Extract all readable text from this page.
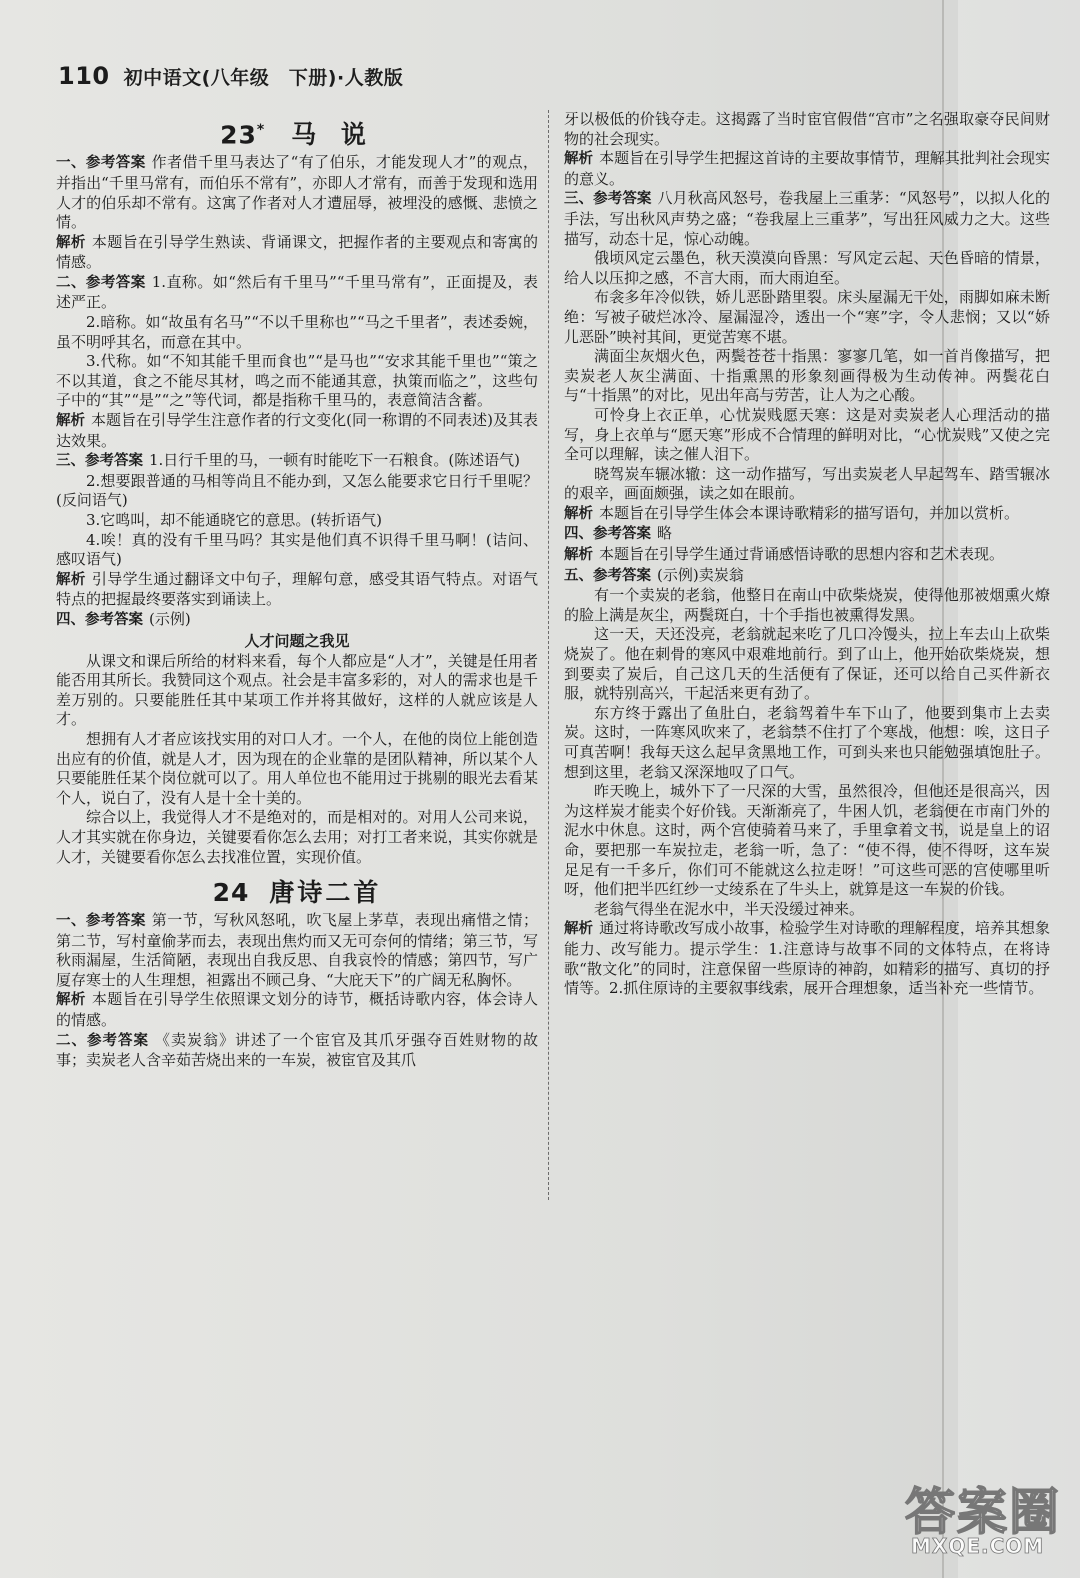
110 初中语文(八年级　下册)·人教版
23* 马 说

一、参考答案 作者借千里马表达了“有了伯乐，才能发现人才”的观点，并指出“千里马常有，而伯乐不常有”，亦即人才常有，而善于发现和选用人才的伯乐却不常有。这寓了作者对人才遭屈辱，被埋没的感慨、悲愤之情。

解析 本题旨在引导学生熟读、背诵课文，把握作者的主要观点和寄寓的情感。

二、参考答案 1.直称。如“然后有千里马”“千里马常有”，正面提及，表述严正。

2.暗称。如“故虽有名马”“不以千里称也”“马之千里者”，表述委婉，虽不明呼其名，而意在其中。

3.代称。如“不知其能千里而食也”“是马也”“安求其能千里也”“策之不以其道，食之不能尽其材，鸣之而不能通其意，执策而临之”，这些句子中的“其”“是”“之”等代词，都是指称千里马的，表意简洁含蓄。

解析 本题旨在引导学生注意作者的行文变化(同一称谓的不同表述)及其表达效果。

三、参考答案 1.日行千里的马，一顿有时能吃下一石粮食。(陈述语气)

2.想要跟普通的马相等尚且不能办到，又怎么能要求它日行千里呢？(反问语气)

3.它鸣叫，却不能通晓它的意思。(转折语气)

4.唉！真的没有千里马吗？其实是他们真不识得千里马啊！(诘问、感叹语气)

解析 引导学生通过翻译文中句子，理解句意，感受其语气特点。对语气特点的把握最终要落实到诵读上。

四、参考答案 (示例)

人才问题之我见

从课文和课后所给的材料来看，每个人都应是“人才”，关键是任用者能否用其所长。我赞同这个观点。社会是丰富多彩的，对人的需求也是千差万别的。只要能胜任其中某项工作并将其做好，这样的人就应该是人才。

想拥有人才者应该找实用的对口人才。一个人，在他的岗位上能创造出应有的价值，就是人才，因为现在的企业靠的是团队精神，所以某个人只要能胜任某个岗位就可以了。用人单位也不能用过于挑剔的眼光去看某个人，说白了，没有人是十全十美的。

综合以上，我觉得人才不是绝对的，而是相对的。对用人公司来说，人才其实就在你身边，关键要看你怎么去用；对打工者来说，其实你就是人才，关键要看你怎么去找准位置，实现价值。

24 唐诗二首

一、参考答案 第一节，写秋风怒吼，吹飞屋上茅草，表现出痛惜之情；第二节，写村童偷茅而去，表现出焦灼而又无可奈何的情绪；第三节，写秋雨漏屋，生活简陋，表现出自我反思、自我哀怜的情感；第四节，写广厦存寒士的人生理想，袒露出不顾己身、“大庇天下”的广阔无私胸怀。

解析 本题旨在引导学生依照课文划分的诗节，概括诗歌内容，体会诗人的情感。

二、参考答案 《卖炭翁》讲述了一个宦官及其爪牙强夺百姓财物的故事；卖炭老人含辛茹苦烧出来的一车炭，被宦官及其爪

牙以极低的价钱夺走。这揭露了当时宦官假借“宫市”之名强取豪夺民间财物的社会现实。

解析 本题旨在引导学生把握这首诗的主要故事情节，理解其批判社会现实的意义。

三、参考答案 八月秋高风怒号，卷我屋上三重茅：“风怒号”，以拟人化的手法，写出秋风声势之盛；“卷我屋上三重茅”，写出狂风威力之大。这些描写，动态十足，惊心动魄。

俄顷风定云墨色，秋天漠漠向昏黑：写风定云起、天色昏暗的情景，给人以压抑之感，不言大雨，而大雨迫至。

布衾多年冷似铁，娇儿恶卧踏里裂。床头屋漏无干处，雨脚如麻未断绝：写被子破烂冰冷、屋漏湿冷，透出一个“寒”字，令人悲悯；又以“娇儿恶卧”映衬其间，更觉苦寒不堪。

满面尘灰烟火色，两鬓苍苍十指黑：寥寥几笔，如一首肖像描写，把卖炭老人灰尘满面、十指熏黑的形象刻画得极为生动传神。两鬓花白与“十指黑”的对比，见出年高与劳苦，让人为之心酸。

可怜身上衣正单，心忧炭贱愿天寒：这是对卖炭老人心理活动的描写，身上衣单与“愿天寒”形成不合情理的鲜明对比，“心忧炭贱”又使之完全可以理解，读之催人泪下。

晓驾炭车辗冰辙：这一动作描写，写出卖炭老人早起驾车、踏雪辗冰的艰辛，画面颇强，读之如在眼前。

解析 本题旨在引导学生体会本课诗歌精彩的描写语句，并加以赏析。

四、参考答案 略

解析 本题旨在引导学生通过背诵感悟诗歌的思想内容和艺术表现。

五、参考答案 (示例)卖炭翁

有一个卖炭的老翁，他整日在南山中砍柴烧炭，使得他那被烟熏火燎的脸上满是灰尘，两鬓斑白，十个手指也被熏得发黑。

这一天，天还没亮，老翁就起来吃了几口冷馒头，拉上车去山上砍柴烧炭了。他在刺骨的寒风中艰难地前行。到了山上，他开始砍柴烧炭，想到要卖了炭后，自己这几天的生活便有了保证，还可以给自己买件新衣服，就特别高兴，干起活来更有劲了。

东方终于露出了鱼肚白，老翁驾着牛车下山了，他要到集市上去卖炭。这时，一阵寒风吹来了，老翁禁不住打了个寒战，他想：唉，这日子可真苦啊！我每天这么起早贪黑地工作，可到头来也只能勉强填饱肚子。想到这里，老翁又深深地叹了口气。

昨天晚上，城外下了一尺深的大雪，虽然很冷，但他还是很高兴，因为这样炭才能卖个好价钱。天渐渐亮了，牛困人饥，老翁便在市南门外的泥水中休息。这时，两个宫使骑着马来了，手里拿着文书，说是皇上的诏命，要把那一车炭拉走，老翁一听，急了：“使不得，使不得呀，这车炭足足有一千多斤，你们可不能就这么拉走呀！”可这些可恶的宫使哪里听呀，他们把半匹红纱一丈绫系在了牛头上，就算是这一车炭的价钱。

老翁气得坐在泥水中，半天没缓过神来。

解析 通过将诗歌改写成小故事，检验学生对诗歌的理解程度，培养其想象能力、改写能力。提示学生：1.注意诗与故事不同的文体特点，在将诗歌“散文化”的同时，注意保留一些原诗的神韵，如精彩的描写、真切的抒情等。2.抓住原诗的主要叙事线索，展开合理想象，适当补充一些情节。

答案圈
MXQE.COM
